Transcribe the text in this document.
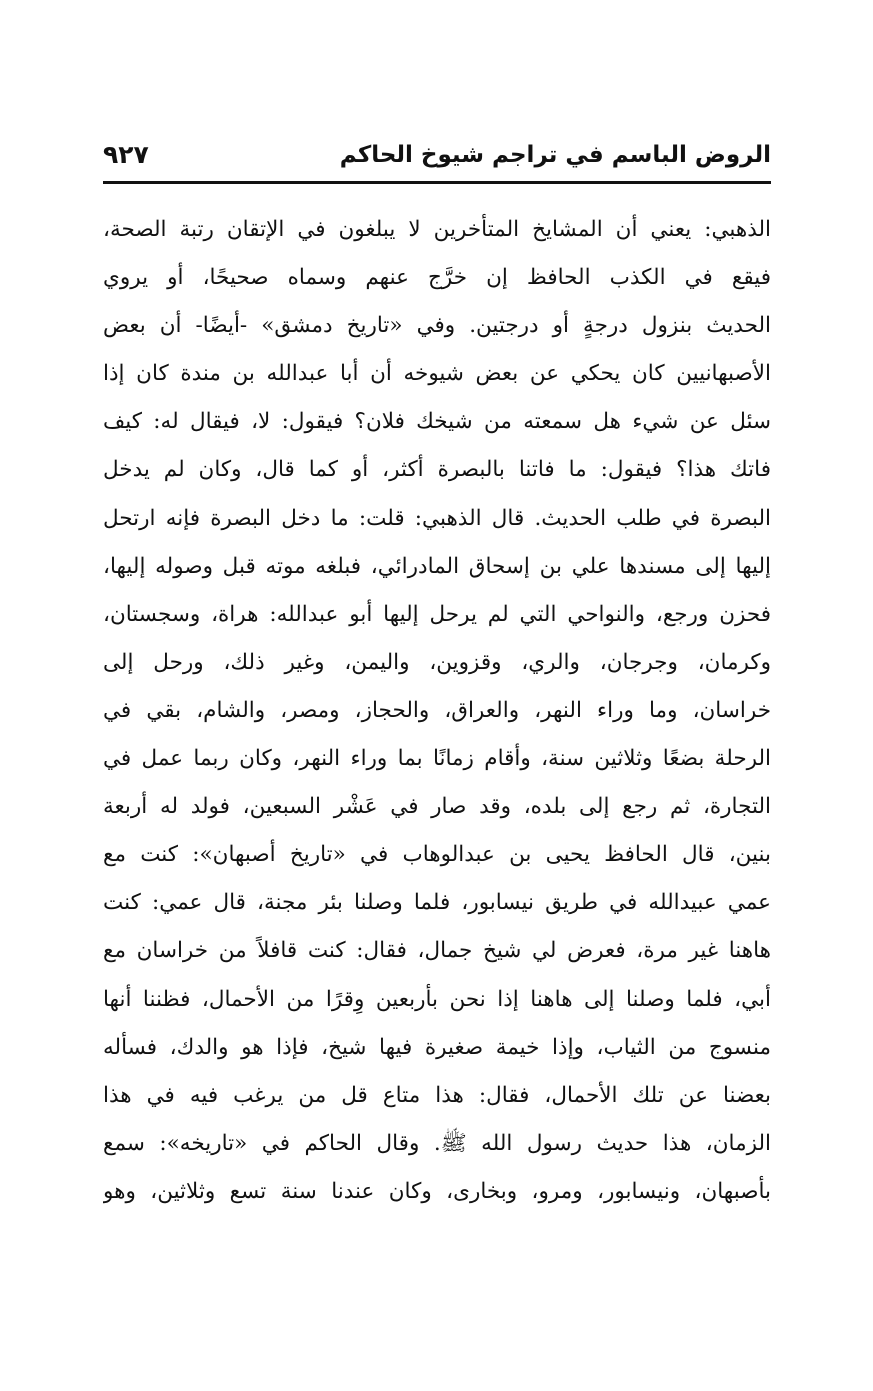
الروض الباسم في تراجم شيوخ الحاكم
٩٢٧
الذهبي: يعني أن المشايخ المتأخرين لا يبلغون في الإتقان رتبة الصحة،
فيقع في الكذب الحافظ إن خرَّج عنهم وسماه صحيحًا، أو يروي
الحديث بنزول درجةٍ أو درجتين. وفي «تاريخ دمشق» -أيضًا- أن بعض
الأصبهانيين كان يحكي عن بعض شيوخه أن أبا عبدالله بن مندة كان إذا
سئل عن شيء هل سمعته من شيخك فلان؟ فيقول: لا، فيقال له: كيف
فاتك هذا؟ فيقول: ما فاتنا بالبصرة أكثر، أو كما قال، وكان لم يدخل
البصرة في طلب الحديث. قال الذهبي: قلت: ما دخل البصرة فإنه ارتحل
إليها إلى مسندها علي بن إسحاق المادرائي، فبلغه موته قبل وصوله إليها،
فحزن ورجع، والنواحي التي لم يرحل إليها أبو عبدالله: هراة، وسجستان،
وكرمان، وجرجان، والري، وقزوين، واليمن، وغير ذلك، ورحل إلى
خراسان، وما وراء النهر، والعراق، والحجاز، ومصر، والشام، بقي في
الرحلة بضعًا وثلاثين سنة، وأقام زمانًا بما وراء النهر، وكان ربما عمل في
التجارة، ثم رجع إلى بلده، وقد صار في عَشْر السبعين، فولد له أربعة
بنين، قال الحافظ يحيى بن عبدالوهاب في «تاريخ أصبهان»: كنت مع
عمي عبيدالله في طريق نيسابور، فلما وصلنا بئر مجنة، قال عمي: كنت
هاهنا غير مرة، فعرض لي شيخ جمال، فقال: كنت قافلاً من خراسان مع
أبي، فلما وصلنا إلى هاهنا إذا نحن بأربعين وِقرًا من الأحمال، فظننا أنها
منسوج من الثياب، وإذا خيمة صغيرة فيها شيخ، فإذا هو والدك، فسأله
بعضنا عن تلك الأحمال، فقال: هذا متاع قل من يرغب فيه في هذا
الزمان، هذا حديث رسول الله ﷺ. وقال الحاكم في «تاريخه»: سمع
بأصبهان، ونيسابور، ومرو، وبخارى، وكان عندنا سنة تسع وثلاثين، وهو
